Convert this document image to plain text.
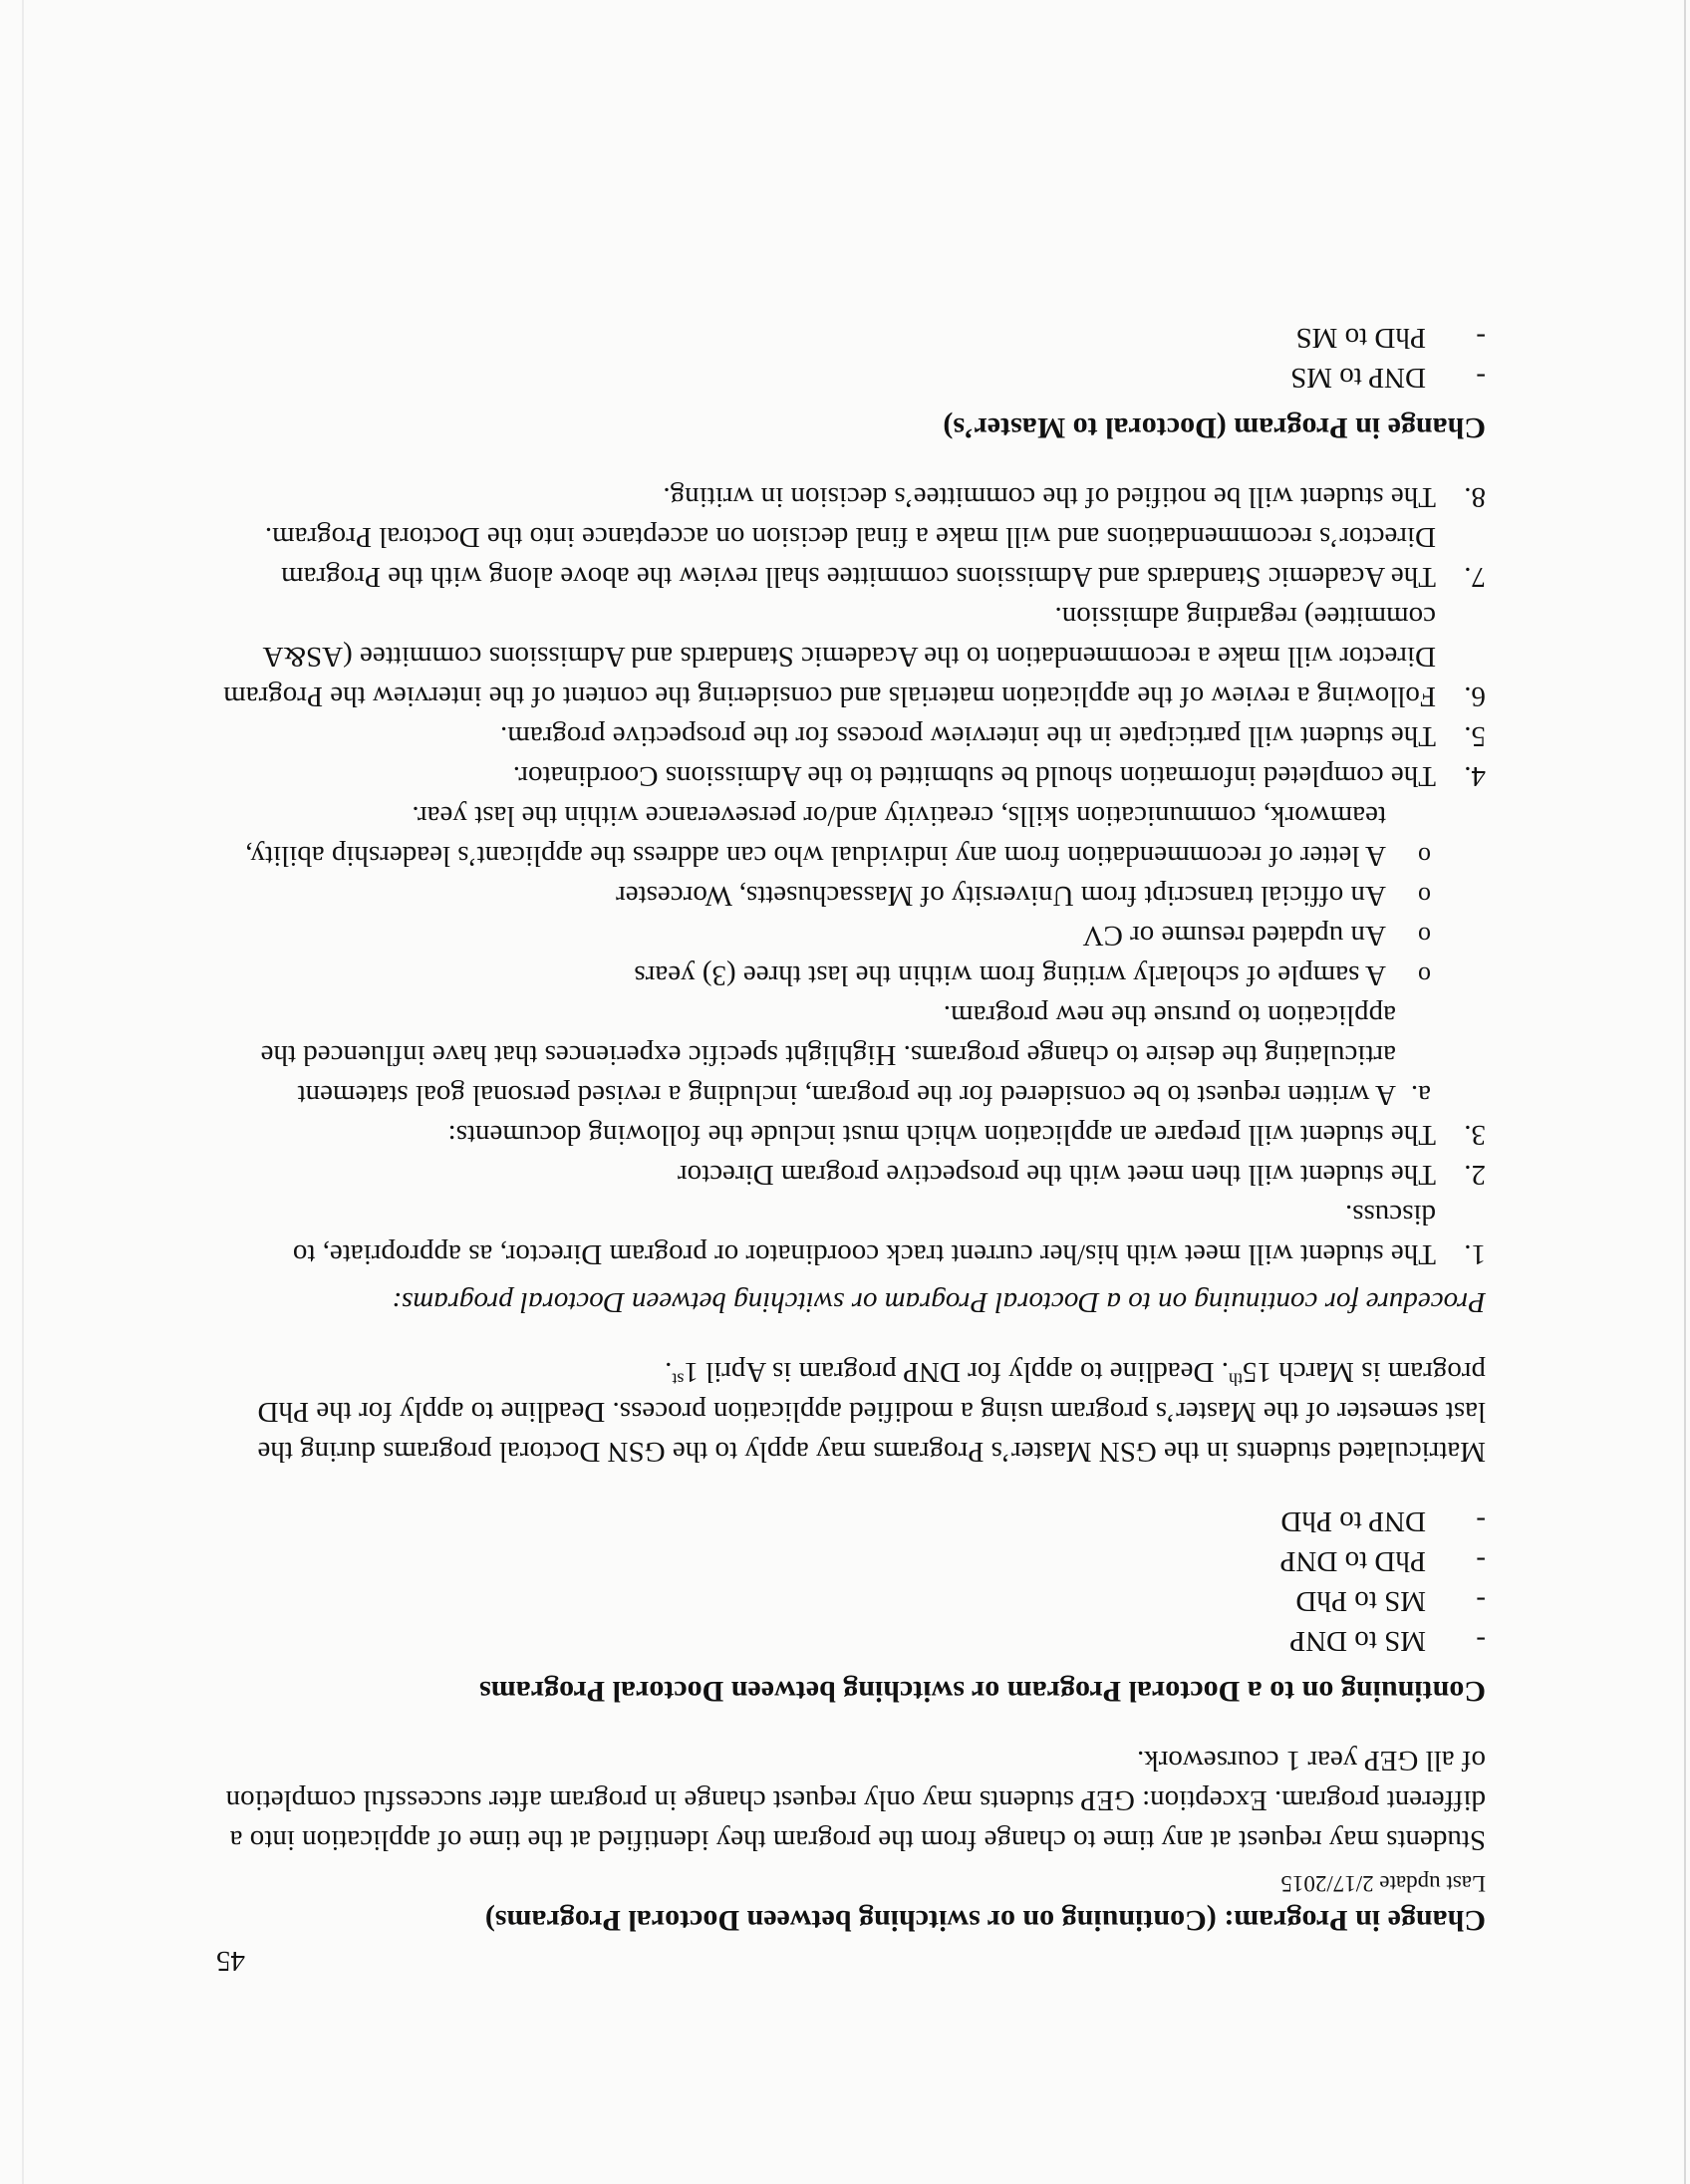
Change in Program: (Continuing on or switching between Doctoral Programs)
Last update 2/17/2015

Students may request at any time to change from the program they identified at the time of application into a different program. Exception: GEP students may only request change in program after successful completion of all GEP year 1 coursework.

Continuing on to a Doctoral Program or switching between Doctoral Programs
-
MS to DNP
-
MS to PhD
-
PhD to DNP
-
DNP to PhD

Matriculated students in the GSN Master’s Programs may apply to the GSN Doctoral programs during the last semester of the Master’s program using a modified application process. Deadline to apply for the PhD program is March 15th. Deadline to apply for DNP program is April 1st.

Procedure for continuing on to a Doctoral Program or switching between Doctoral programs:

1.
The student will meet with his/her current track coordinator or program Director, as appropriate, to discuss.
2.
The student will then meet with the prospective program Director
3.
The student will prepare an application which must include the following documents:
a.
A written request to be considered for the program, including a revised personal goal statement articulating the desire to change programs. Highlight specific experiences that have influenced the application to pursue the new program.
o
A sample of scholarly writing from within the last three (3) years
o
An updated resume or CV
o
An official transcript from University of Massachusetts, Worcester
o
A letter of recommendation from any individual who can address the applicant’s leadership ability, teamwork, communication skills, creativity and/or perseverance within the last year.
4.
The completed information should be submitted to the Admissions Coordinator.
5.
The student will participate in the interview process for the prospective program.
6.
Following a review of the application materials and considering the content of the interview the Program Director will make a recommendation to the Academic Standards and Admissions committee (AS&A committee) regarding admission.
7.
The Academic Standards and Admissions committee shall review the above along with the Program Director’s recommendations and will make a final decision on acceptance into the Doctoral Program.
8.
The student will be notified of the committee’s decision in writing.
Change in Program (Doctoral to Master’s)
-
DNP to MS
-
PhD to MS
45
